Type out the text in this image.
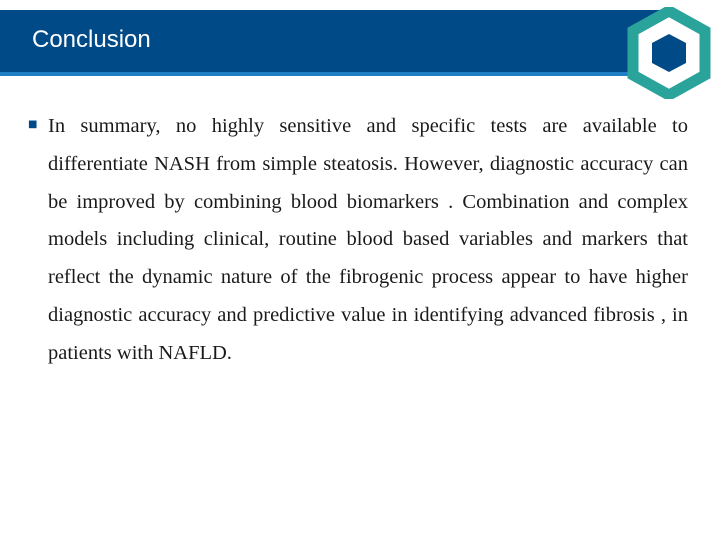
Conclusion
■ In summary, no highly sensitive and specific tests are available to differentiate NASH from simple steatosis. However, diagnostic accuracy can be improved by combining blood biomarkers . Combination and complex models including clinical, routine blood based variables and markers that reflect the dynamic nature of the fibrogenic process appear to have higher diagnostic accuracy and predictive value in identifying advanced fibrosis , in patients with NAFLD.
